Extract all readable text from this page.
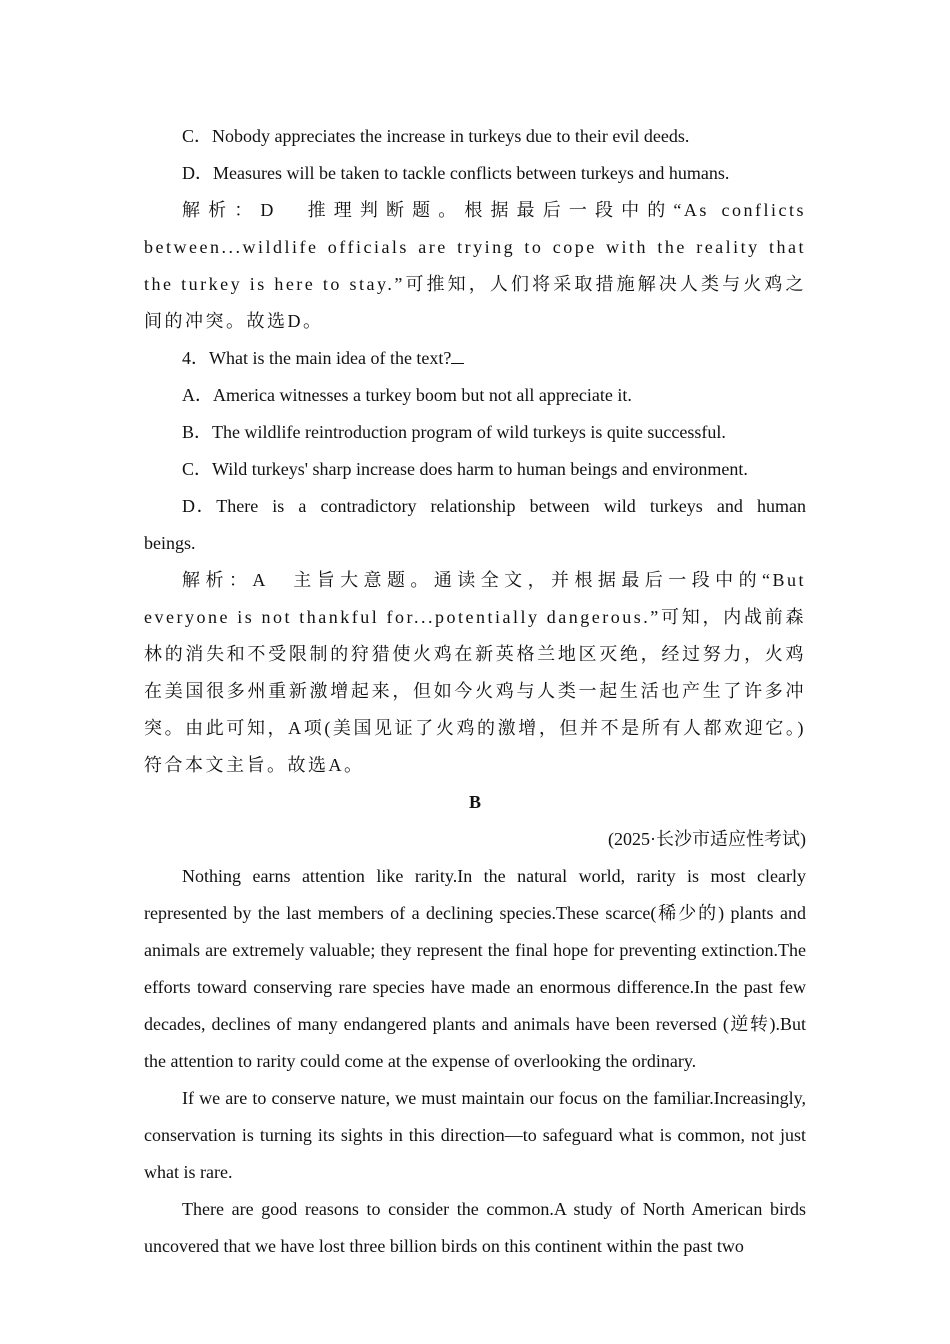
C．Nobody appreciates the increase in turkeys due to their evil deeds.

D．Measures will be taken to tackle conflicts between turkeys and humans.

解析：D　推理判断题。根据最后一段中的“As conflicts between...wildlife officials are trying to cope with the reality that the turkey is here to stay.”可推知，人们将采取措施解决人类与火鸡之间的冲突。故选D。

4．What is the main idea of the text?

A．America witnesses a turkey boom but not all appreciate it.

B．The wildlife reintroduction program of wild turkeys is quite successful.

C．Wild turkeys' sharp increase does harm to human beings and environment.

D．There is a contradictory relationship between wild turkeys and human beings.

解析：A　主旨大意题。通读全文，并根据最后一段中的“But everyone is not thankful for...potentially dangerous.”可知，内战前森林的消失和不受限制的狩猎使火鸡在新英格兰地区灭绝，经过努力，火鸡在美国很多州重新激增起来，但如今火鸡与人类一起生活也产生了许多冲突。由此可知，A项(美国见证了火鸡的激增，但并不是所有人都欢迎它。)符合本文主旨。故选A。

B

(2025·长沙市适应性考试)

Nothing earns attention like rarity.In the natural world, rarity is most clearly represented by the last members of a declining species.These scarce(稀少的) plants and animals are extremely valuable; they represent the final hope for preventing extinction.The efforts toward conserving rare species have made an enormous difference.In the past few decades, declines of many endangered plants and animals have been reversed (逆转).But the attention to rarity could come at the expense of overlooking the ordinary.

If we are to conserve nature, we must maintain our focus on the familiar.Increasingly, conservation is turning its sights in this direction—to safeguard what is common, not just what is rare.

There are good reasons to consider the common.A study of North American birds uncovered that we have lost three billion birds on this continent within the past two
